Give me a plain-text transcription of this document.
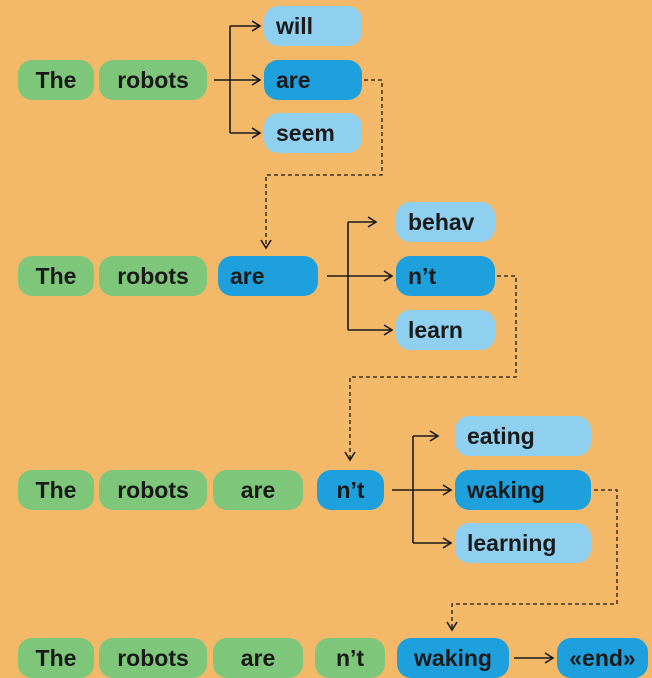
The	robots
will
are
seem
The	robots	are
behav
n’t
learn
The	robots	are	n’t
eating
waking
learning
The	robots	are	n’t	waking	«end»
